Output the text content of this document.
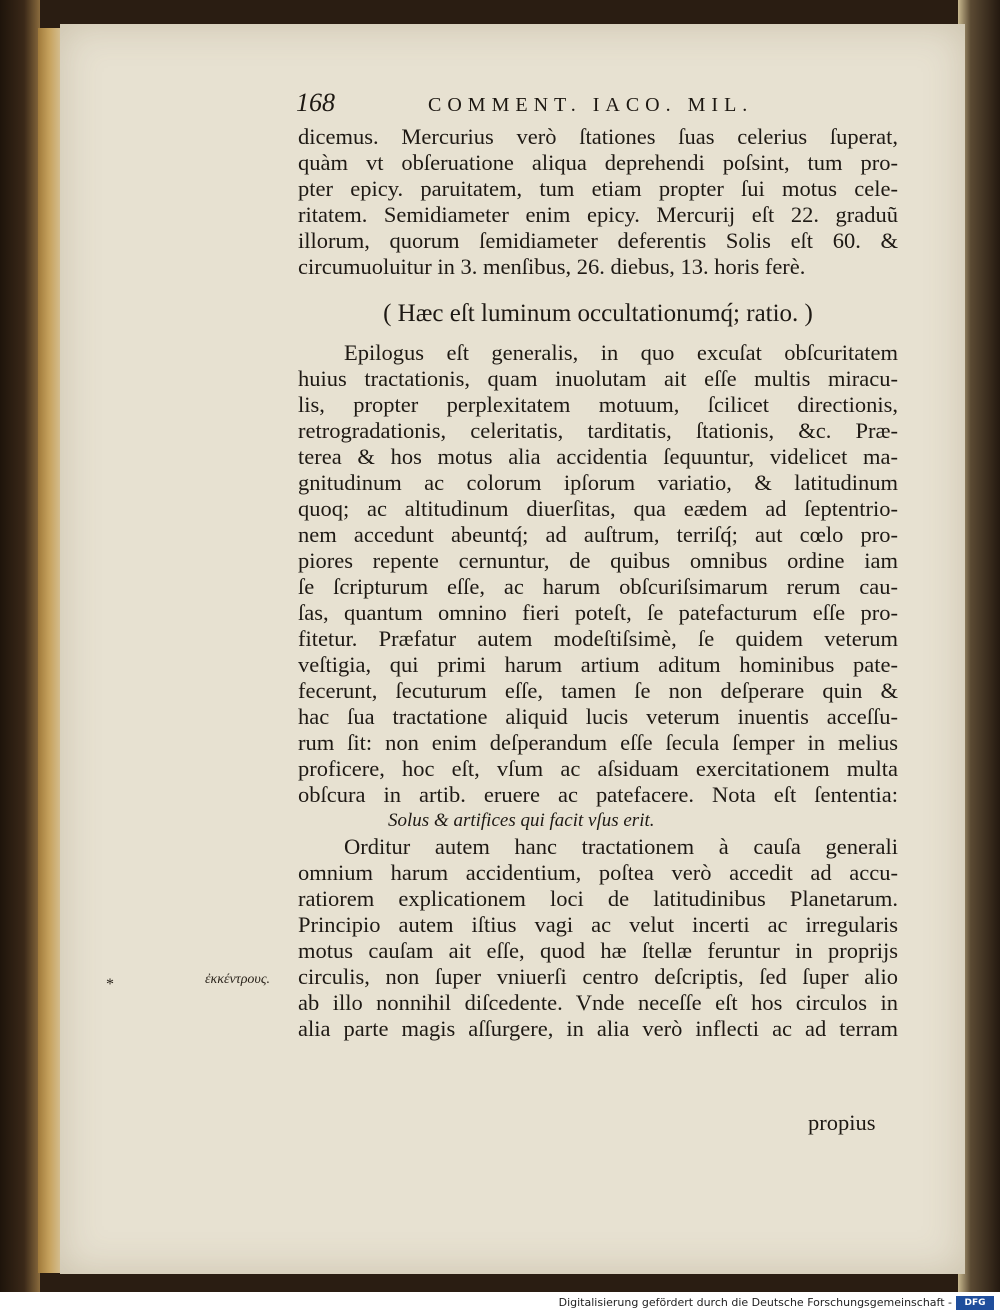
168	COMMENT. IACO. MIL.
dicemus. Mercurius verò ſtationes ſuas celerius ſuperat,
quàm vt obſeruatione aliqua deprehendi poſsint, tum pro-
pter epicy. paruitatem, tum etiam propter ſui motus cele-
ritatem. Semidiameter enim epicy. Mercurij eſt 22. graduũ
illorum, quorum ſemidiameter deferentis Solis eſt 60. &
circumuoluitur in 3. menſibus, 26. diebus, 13. horis ferè.
( Hæc eſt luminum occultationumq́; ratio. )
Epilogus eſt generalis, in quo excuſat obſcuritatem
huius tractationis, quam inuolutam ait eſſe multis miracu-
lis, propter perplexitatem motuum, ſcilicet directionis,
retrogradationis, celeritatis, tarditatis, ſtationis, &c. Præ-
terea & hos motus alia accidentia ſequuntur, videlicet ma-
gnitudinum ac colorum ipſorum variatio, & latitudinum
quoq; ac altitudinum diuerſitas, qua eædem ad ſeptentrio-
nem accedunt abeuntq́; ad auſtrum, terriſq́; aut cœlo pro-
piores repente cernuntur, de quibus omnibus ordine iam
ſe ſcripturum eſſe, ac harum obſcuriſsimarum rerum cau-
ſas, quantum omnino fieri poteſt, ſe patefacturum eſſe pro-
fitetur. Præfatur autem modeſtiſsimè, ſe quidem veterum
veſtigia, qui primi harum artium aditum hominibus pate-
fecerunt, ſecuturum eſſe, tamen ſe non deſperare quin &
hac ſua tractatione aliquid lucis veterum inuentis acceſſu-
rum ſit: non enim deſperandum eſſe ſecula ſemper in melius
proficere, hoc eſt, vſum ac aſsiduam exercitationem multa
obſcura in artib. eruere ac patefacere. Nota eſt ſententia:
Solus & artifices qui facit vſus erit.
Orditur autem hanc tractationem à cauſa generali
omnium harum accidentium, poſtea verò accedit ad accu-
ratiorem explicationem loci de latitudinibus Planetarum.
Principio autem iſtius vagi ac velut incerti ac irregularis
motus cauſam ait eſſe, quod hæ ſtellæ feruntur in proprijs
circulis, non ſuper vniuerſi centro deſcriptis, ſed ſuper alio
ab illo nonnihil diſcedente. Vnde neceſſe eſt hos circulos in
alia parte magis aſſurgere, in alia verò inflecti ac ad terram
*	ἐκκέντρους.
propius
Digitalisierung gefördert durch die Deutsche Forschungsgemeinschaft -	DFG
